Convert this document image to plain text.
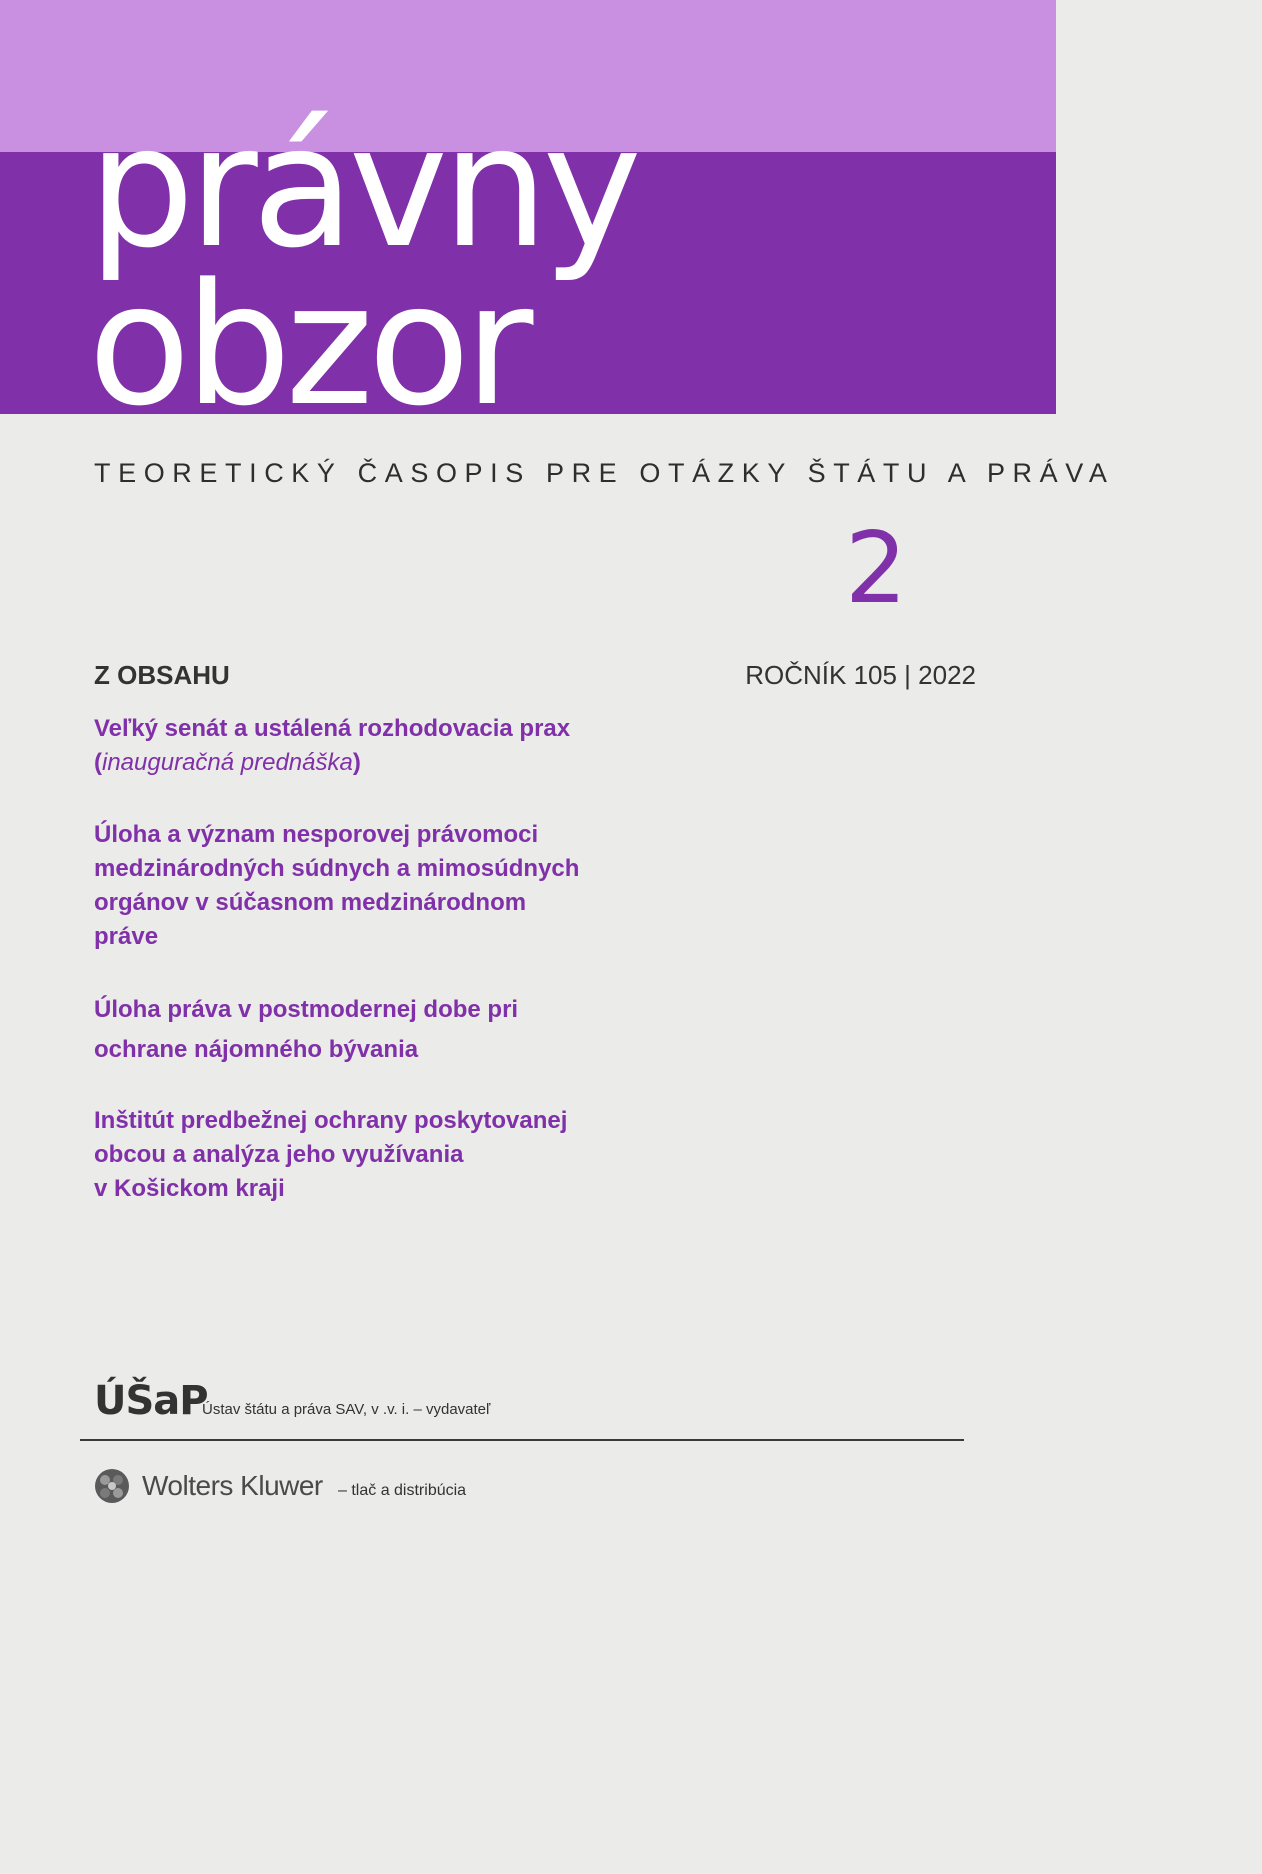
právny
obzor

TEORETICKÝ ČASOPIS PRE OTÁZKY ŠTÁTU A PRÁVA

2

ROČNÍK 105 | 2022

Z OBSAHU

Veľký senát a ustálená rozhodovacia prax
(inauguračná prednáška)
Úloha a význam nesporovej právomoci
medzinárodných súdnych a mimosúdnych
orgánov v súčasnom medzinárodnom
práve
Úloha práva v postmodernej dobe pri
ochrane nájomného bývania
Inštitút predbežnej ochrany poskytovanej
obcou a analýza jeho využívania
v Košickom kraji

ÚŠaP

Ústav štátu a práva SAV, v .v. i. – vydavateľ

Wolters Kluwer – tlač a distribúcia
